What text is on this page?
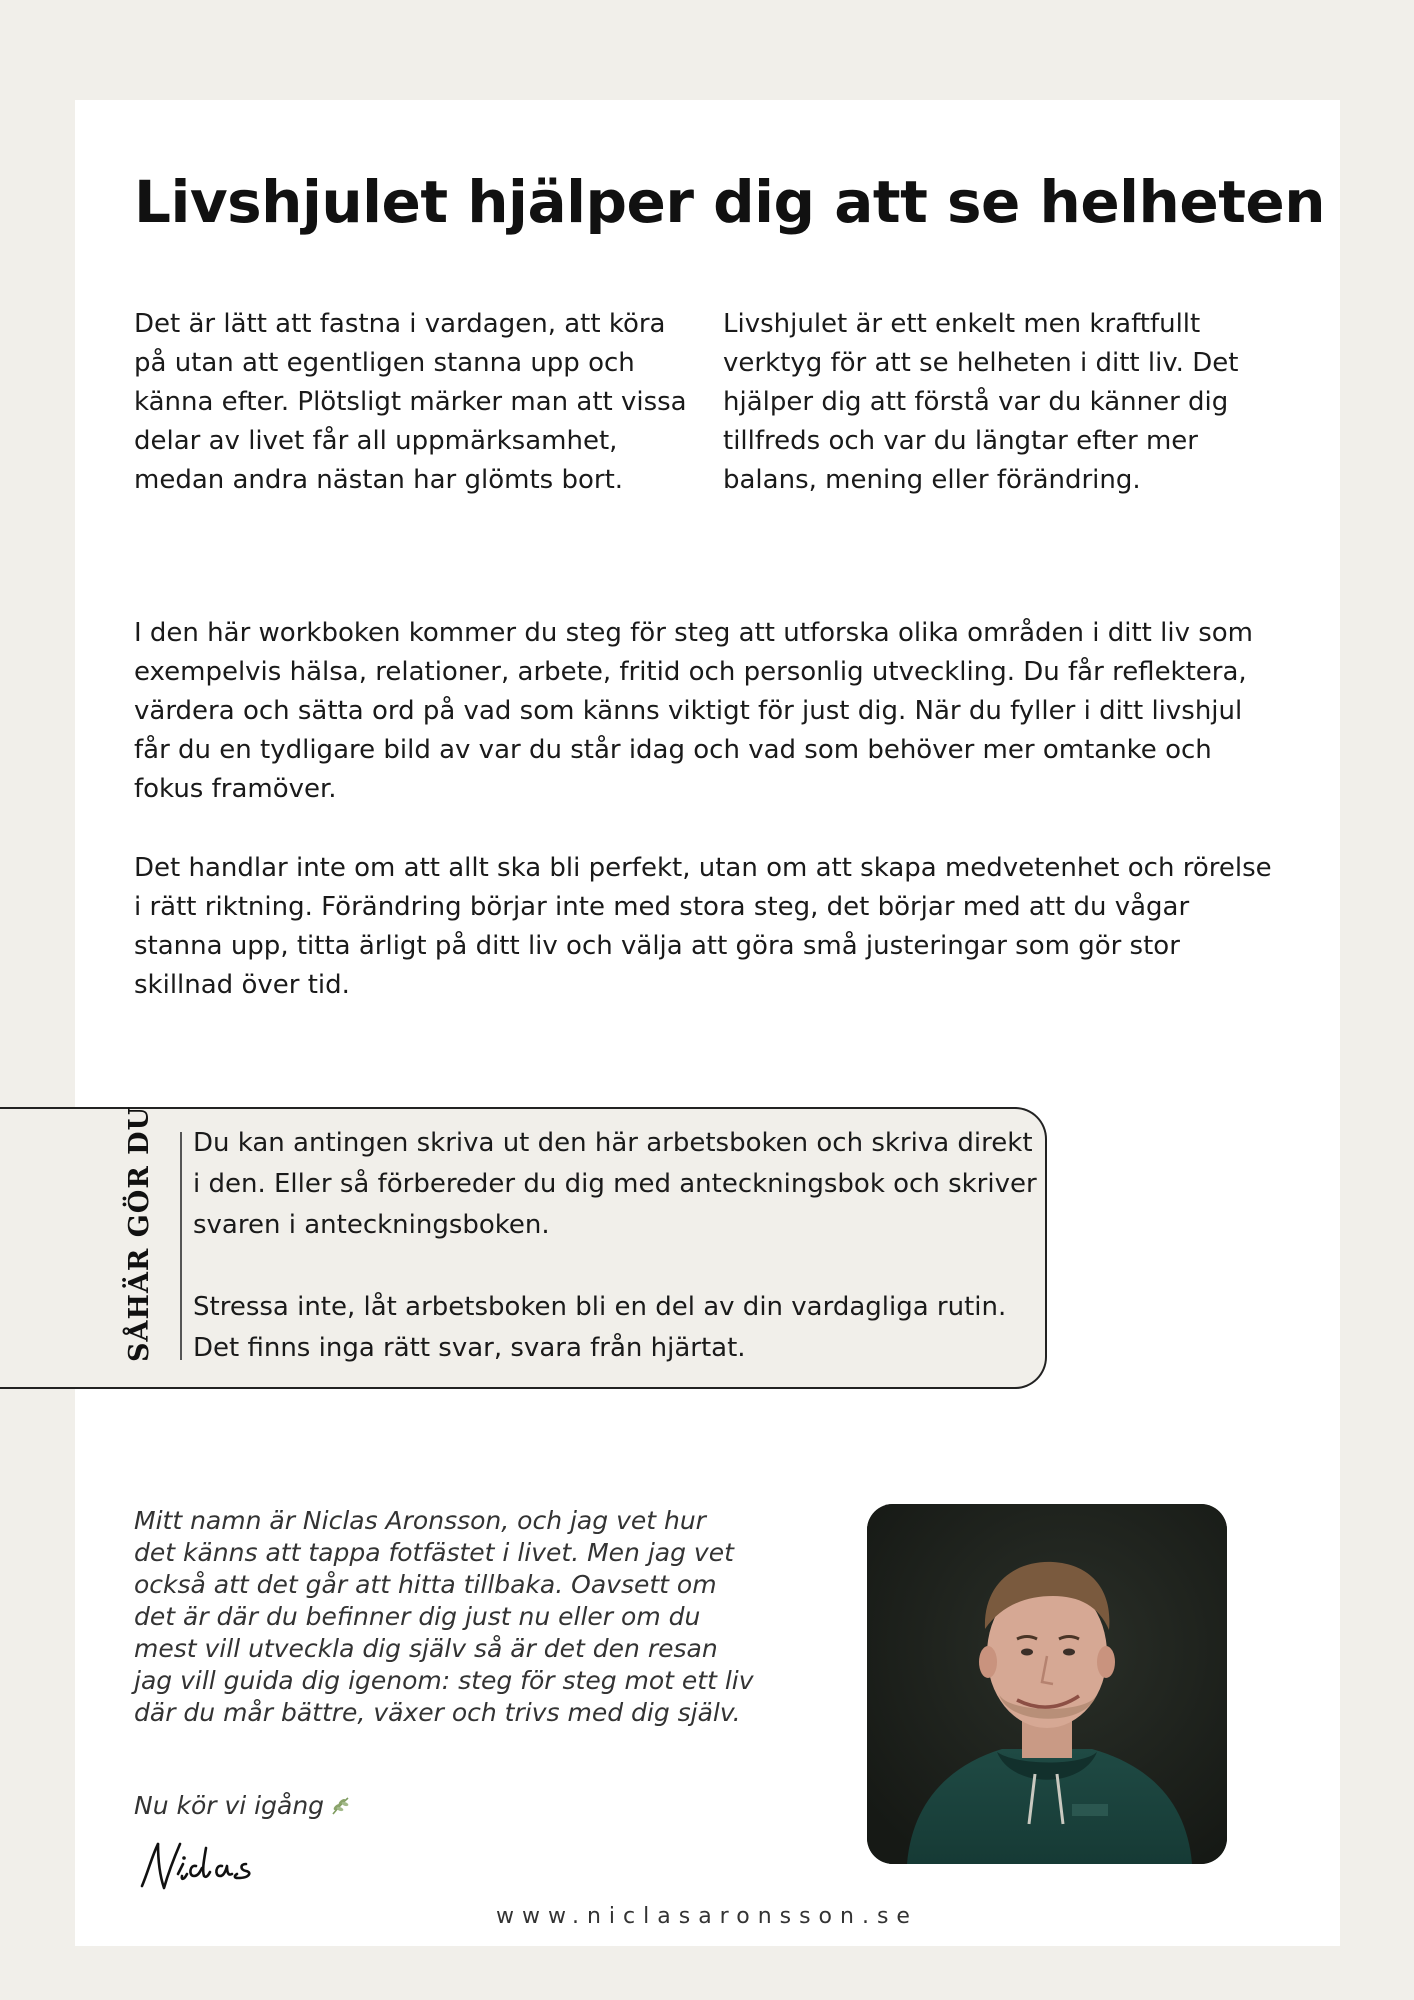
Livshjulet hjälper dig att se helheten

Det är lätt att fastna i vardagen, att köra på utan att egentligen stanna upp och känna efter. Plötsligt märker man att vissa delar av livet får all uppmärksamhet, medan andra nästan har glömts bort.

Livshjulet är ett enkelt men kraftfullt verktyg för att se helheten i ditt liv. Det hjälper dig att förstå var du känner dig tillfreds och var du längtar efter mer balans, mening eller förändring.

I den här workboken kommer du steg för steg att utforska olika områden i ditt liv som exempelvis hälsa, relationer, arbete, fritid och personlig utveckling. Du får reflektera, värdera och sätta ord på vad som känns viktigt för just dig. När du fyller i ditt livshjul får du en tydligare bild av var du står idag och vad som behöver mer omtanke och fokus framöver.

Det handlar inte om att allt ska bli perfekt, utan om att skapa medvetenhet och rörelse i rätt riktning. Förändring börjar inte med stora steg, det börjar med att du vågar stanna upp, titta ärligt på ditt liv och välja att göra små justeringar som gör stor skillnad över tid.

SÅHÄR GÖR DU Du kan antingen skriva ut den här arbetsboken och skriva direkt i den. Eller så förbereder du dig med anteckningsbok och skriver svaren i anteckningsboken.

Stressa inte, låt arbetsboken bli en del av din vardagliga rutin. Det finns inga rätt svar, svara från hjärtat.

Mitt namn är Niclas Aronsson, och jag vet hur det känns att tappa fotfästet i livet. Men jag vet också att det går att hitta tillbaka. Oavsett om det är där du befinner dig just nu eller om du mest vill utveckla dig själv så är det den resan jag vill guida dig igenom: steg för steg mot ett liv där du mår bättre, växer och trivs med dig själv.

Nu kör vi igång

www.niclasaronsson.se
